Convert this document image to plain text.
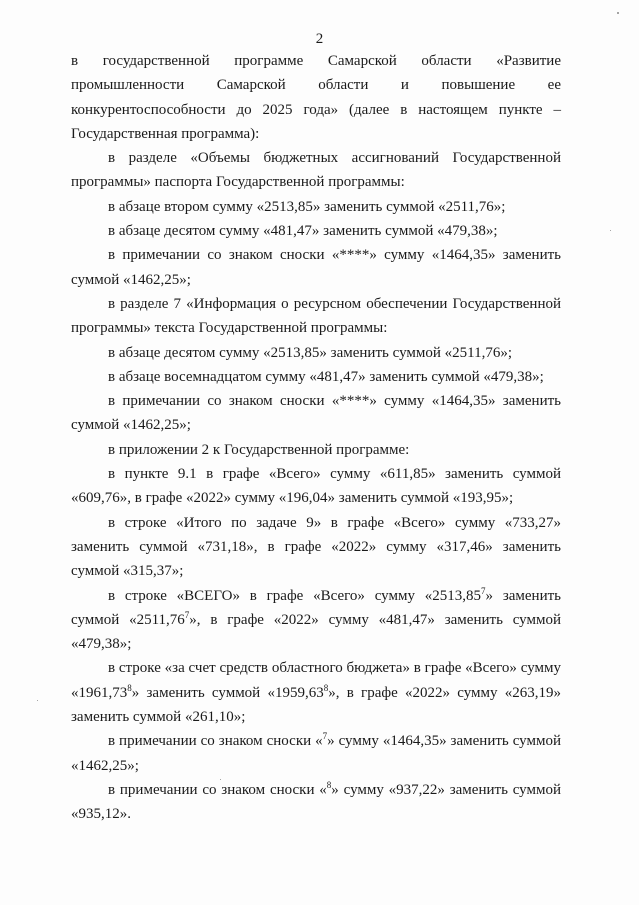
2

в государственной программе Самарской области «Развитие промышленности Самарской области и повышение ее конкурентоспособности до 2025 года» (далее в настоящем пункте – Государственная программа):

в разделе «Объемы бюджетных ассигнований Государственной программы» паспорта Государственной программы:

в абзаце втором сумму «2513,85» заменить суммой «2511,76»;

в абзаце десятом сумму «481,47» заменить суммой «479,38»;

в примечании со знаком сноски «****» сумму «1464,35» заменить суммой «1462,25»;

в разделе 7 «Информация о ресурсном обеспечении Государственной программы» текста Государственной программы:

в абзаце десятом сумму «2513,85» заменить суммой «2511,76»;

в абзаце восемнадцатом сумму «481,47» заменить суммой «479,38»;

в примечании со знаком сноски «****» сумму «1464,35» заменить суммой «1462,25»;

в приложении 2 к Государственной программе:

в пункте 9.1 в графе «Всего» сумму «611,85» заменить суммой «609,76», в графе «2022» сумму «196,04» заменить суммой «193,95»;

в строке «Итого по задаче 9» в графе «Всего» сумму «733,27» заменить суммой «731,18», в графе «2022» сумму «317,46» заменить суммой «315,37»;

в строке «ВСЕГО» в графе «Всего» сумму «2513,85$^7$» заменить суммой «2511,76$^7$», в графе «2022» сумму «481,47» заменить суммой «479,38»;

в строке «за счет средств областного бюджета» в графе «Всего» сумму «1961,73$^8$» заменить суммой «1959,63$^8$», в графе «2022» сумму «263,19» заменить суммой «261,10»;

в примечании со знаком сноски «$^7$» сумму «1464,35» заменить суммой «1462,25»;

в примечании со знаком сноски «$^8$» сумму «937,22» заменить суммой «935,12».
